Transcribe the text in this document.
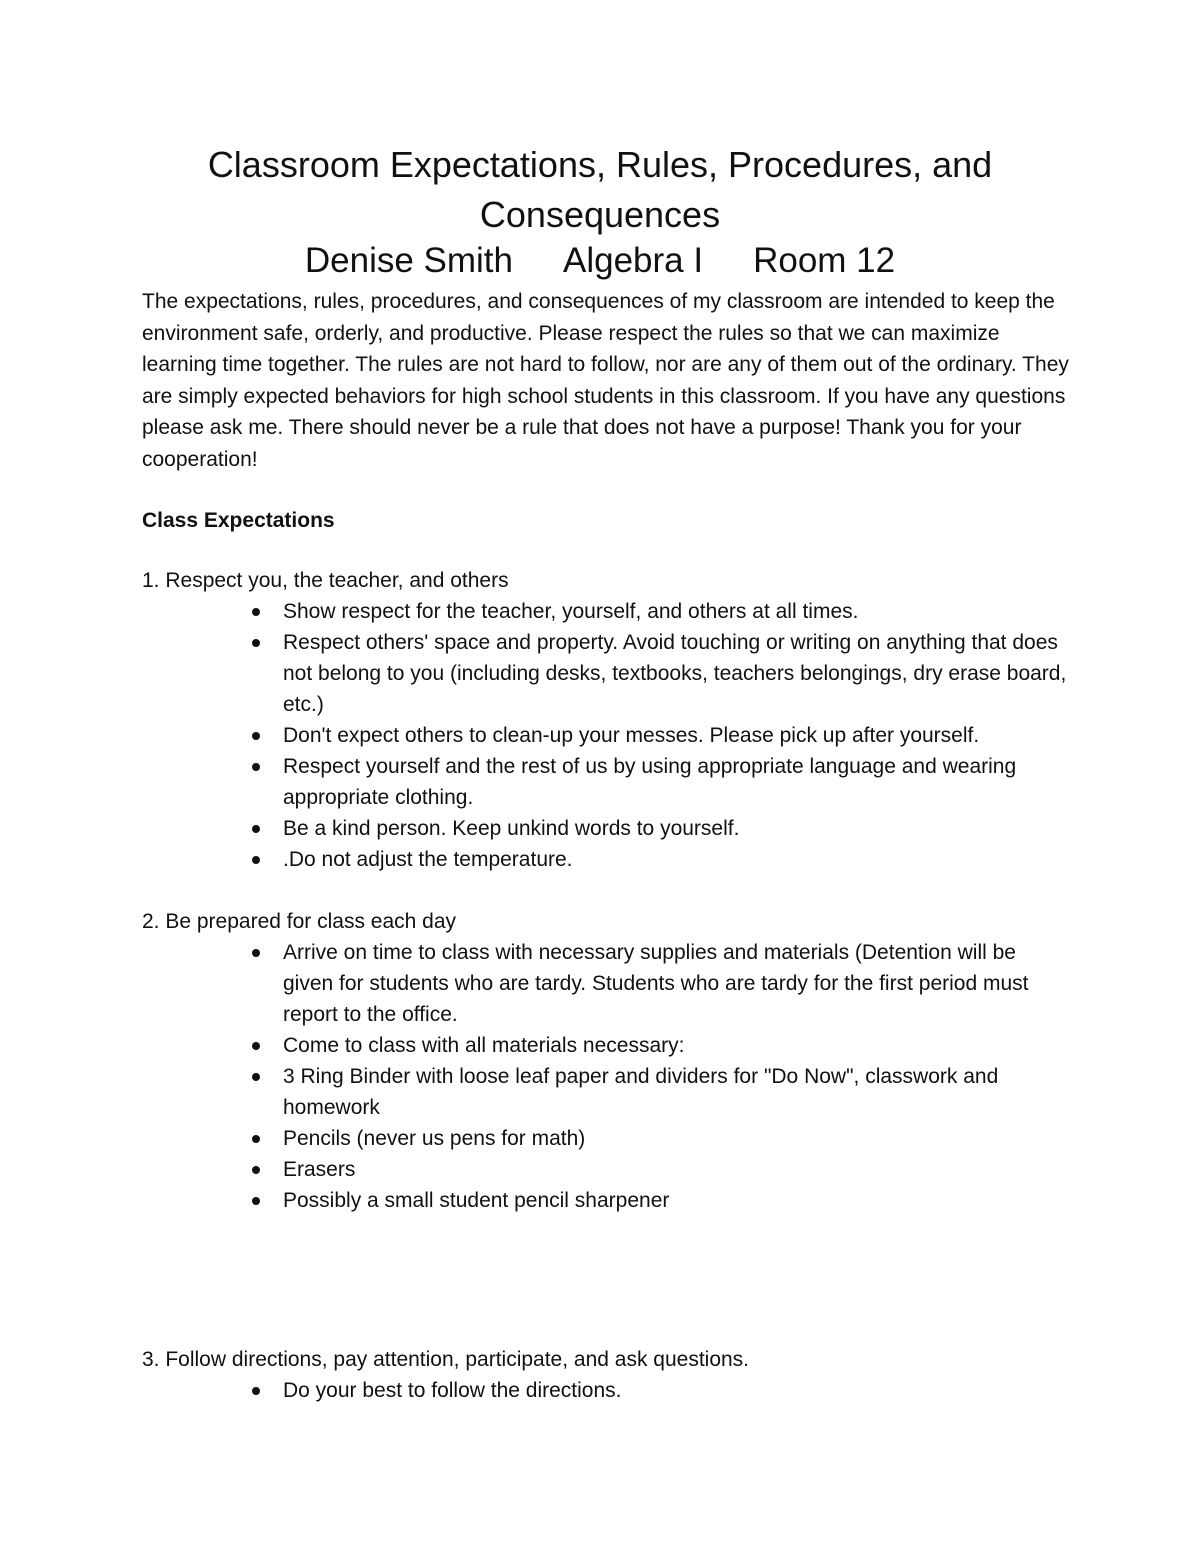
Classroom Expectations, Rules, Procedures, and
Consequences
Denise Smith Algebra I Room 12

The expectations, rules, procedures, and consequences of my classroom are intended to keep the environment safe, orderly, and productive. Please respect the rules so that we can maximize learning time together. The rules are not hard to follow, nor are any of them out of the ordinary. They are simply expected behaviors for high school students in this classroom. If you have any questions please ask me. There should never be a rule that does not have a purpose! Thank you for your cooperation!

Class Expectations
1. Respect you, the teacher, and others
Show respect for the teacher, yourself, and others at all times.
Respect others' space and property. Avoid touching or writing on anything that does not belong to you (including desks, textbooks, teachers belongings, dry erase board, etc.)
Don't expect others to clean-up your messes. Please pick up after yourself.
Respect yourself and the rest of us by using appropriate language and wearing appropriate clothing.
Be a kind person. Keep unkind words to yourself.
.Do not adjust the temperature.
2. Be prepared for class each day
Arrive on time to class with necessary supplies and materials (Detention will be given for students who are tardy. Students who are tardy for the first period must report to the office.
Come to class with all materials necessary:
3 Ring Binder with loose leaf paper and dividers for "Do Now", classwork and homework
Pencils (never us pens for math)
Erasers
Possibly a small student pencil sharpener
3. Follow directions, pay attention, participate, and ask questions.
Do your best to follow the directions.
